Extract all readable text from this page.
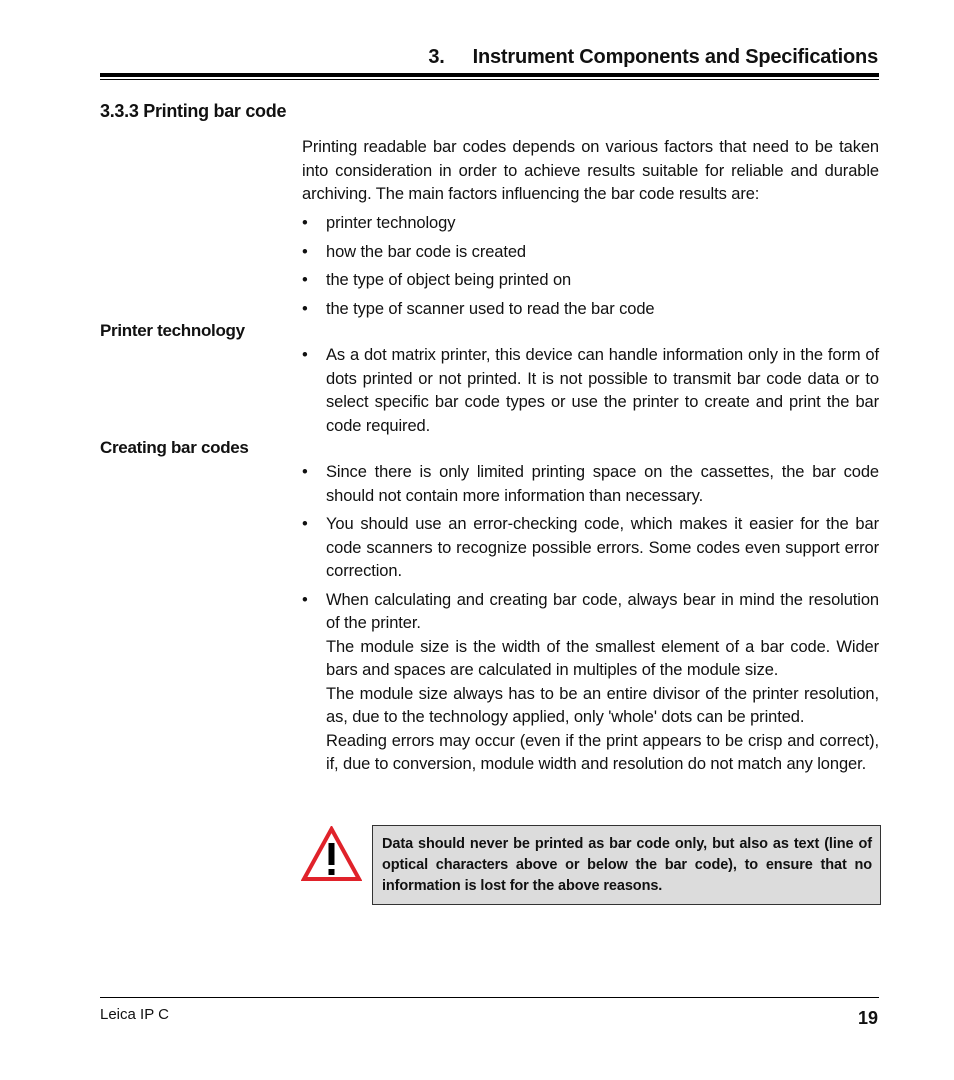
3. Instrument Components and Specifications
3.3.3 Printing bar code
Printing readable bar codes depends on various factors that need to be taken into consideration in order to achieve results suitable for reliable and durable archiving. The main factors influencing the bar code results are:
• printer technology
• how the bar code is created
• the type of object being printed on
• the type of scanner used to read the bar code
Printer technology
• As a dot matrix printer, this device can handle information only in the form of dots printed or not printed. It is not possible to transmit bar code data or to select specific bar code types or use the printer to create and print the bar code required.
Creating bar codes
• Since there is only limited printing space on the cassettes, the bar code should not contain more information than necessary.
• You should use an error-checking code, which makes it easier for the bar code scanners to recognize possible errors. Some codes even support error correction.
• When calculating and creating bar code, always bear in mind the resolution of the printer.

The module size is the width of the smallest element of a bar code. Wider bars and spaces are calculated in multiples of the module size.

The module size always has to be an entire divisor of the printer resolution, as, due to the technology applied, only 'whole' dots can be printed.

Reading errors may occur (even if the print appears to be crisp and correct), if, due to conversion, module width and resolution do not match any longer.

Data should never be printed as bar code only, but also as text (line of optical characters above or below the bar code), to ensure that no information is lost for the above reasons.
Leica IP C	19
